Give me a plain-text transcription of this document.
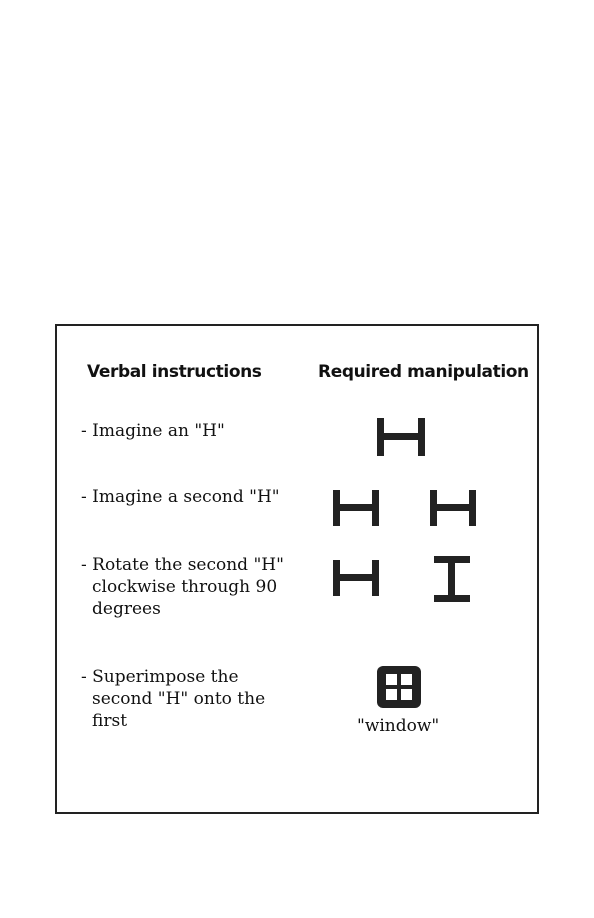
Verbal instructions	Required manipulation
- Imagine an "H"
- Imagine a second "H"
- Rotate the second "H"
clockwise through 90
degrees
- Superimpose the
second "H" onto the
first	"window"
